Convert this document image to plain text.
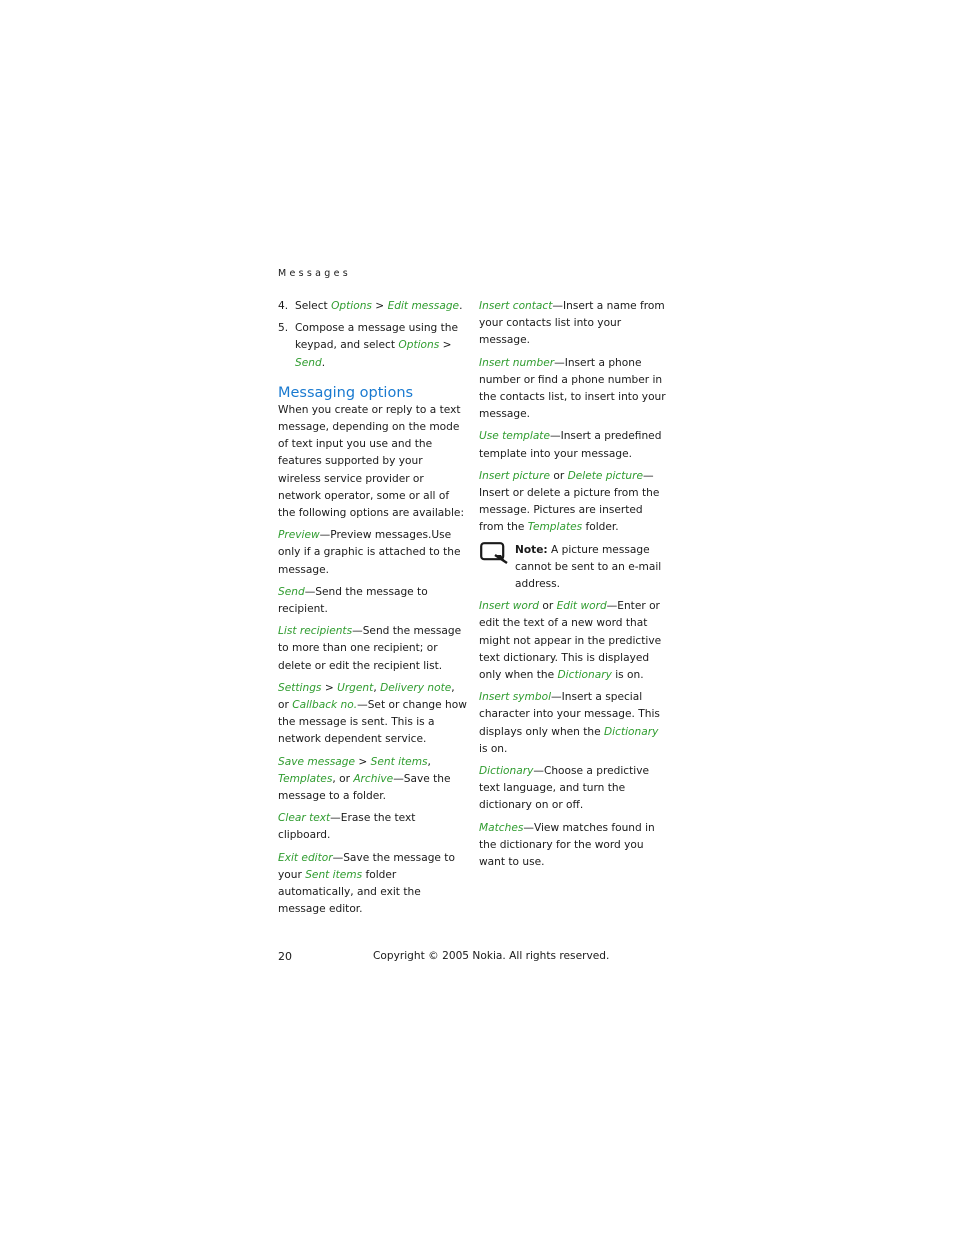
Messages
4. Select Options > Edit message.
5. Compose a message using the keypad, and select Options > Send.
Messaging options

When you create or reply to a text message, depending on the mode of text input you use and the features supported by your wireless service provider or network operator, some or all of the following options are available:

Preview—Preview messages.Use only if a graphic is attached to the message.

Send—Send the message to recipient.

List recipients—Send the message to more than one recipient; or delete or edit the recipient list.

Settings > Urgent, Delivery note, or Callback no.—Set or change how the message is sent. This is a network dependent service.

Save message > Sent items, Templates, or Archive—Save the message to a folder.

Clear text—Erase the text clipboard.

Exit editor—Save the message to your Sent items folder automatically, and exit the message editor.

Insert contact—Insert a name from your contacts list into your message.

Insert number—Insert a phone number or find a phone number in the contacts list, to insert into your message.

Use template—Insert a predefined template into your message.

Insert picture or Delete picture—Insert or delete a picture from the message. Pictures are inserted from the Templates folder.

Note: A picture message cannot be sent to an e-mail address.

Insert word or Edit word—Enter or edit the text of a new word that might not appear in the predictive text dictionary. This is displayed only when the Dictionary is on.

Insert symbol—Insert a special character into your message. This displays only when the Dictionary is on.

Dictionary—Choose a predictive text language, and turn the dictionary on or off.

Matches—View matches found in the dictionary for the word you want to use.

20	Copyright © 2005 Nokia. All rights reserved.
